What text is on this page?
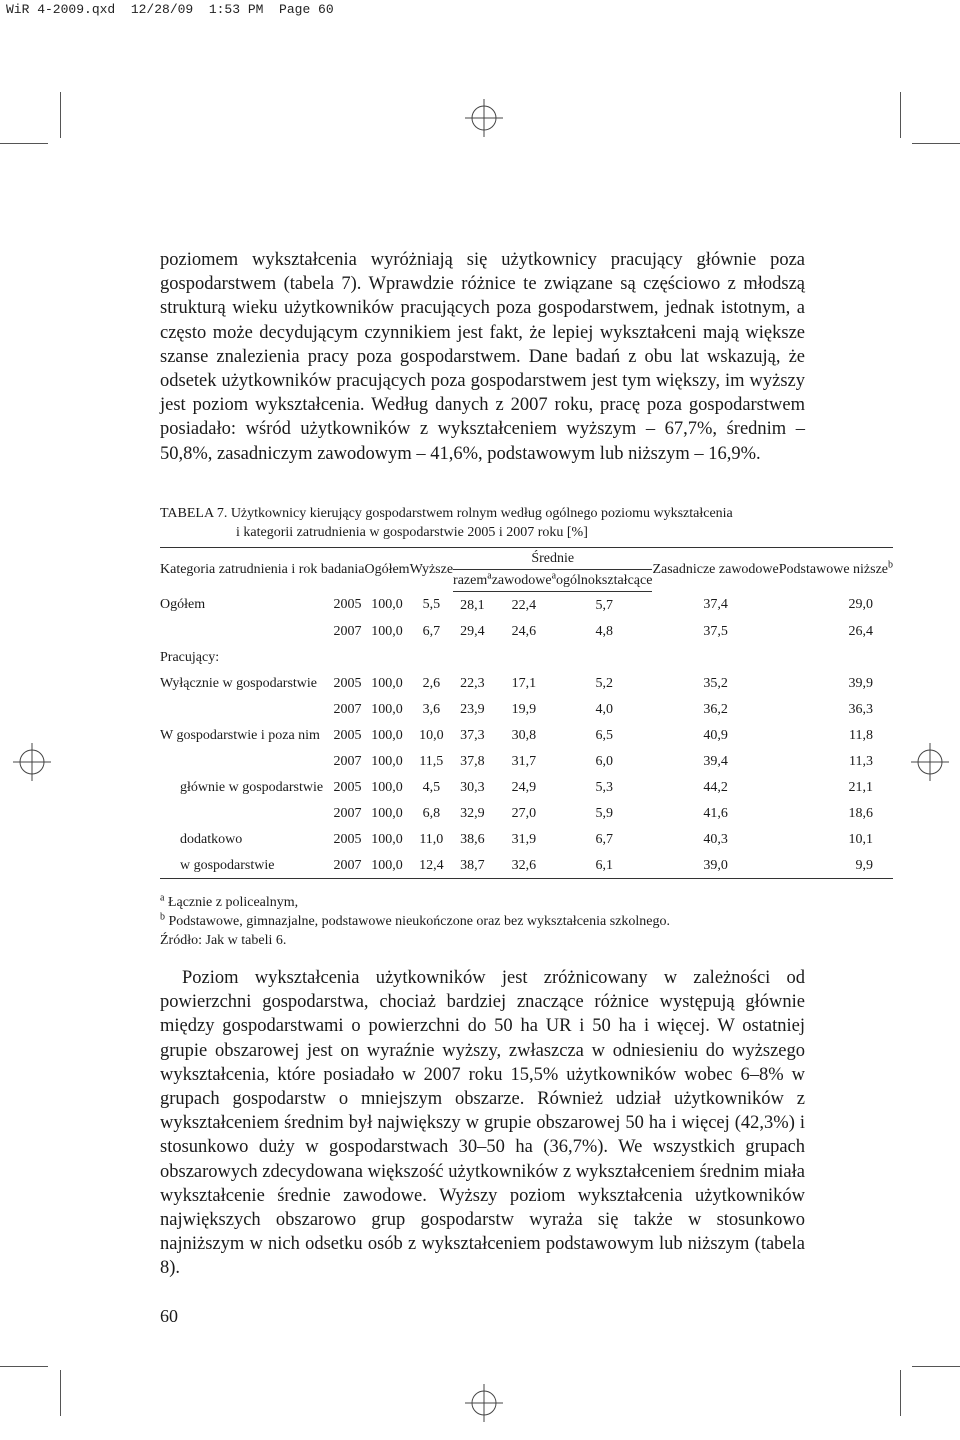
WiR 4-2009.qxd  12/28/09  1:53 PM  Page 60

poziomem wykształcenia wyróżniają się użytkownicy pracujący głównie poza gospodarstwem (tabela 7). Wprawdzie różnice te związane są częściowo z młodszą strukturą wieku użytkowników pracujących poza gospodarstwem, jednak istotnym, a często może decydującym czynnikiem jest fakt, że lepiej wykształceni mają większe szanse znalezienia pracy poza gospodarstwem. Dane badań z obu lat wskazują, że odsetek użytkowników pracujących poza gospodarstwem jest tym większy, im wyższy jest poziom wykształcenia. Według danych z 2007 roku, pracę poza gospodarstwem posiadało: wśród użytkowników z wykształceniem wyższym – 67,7%, średnim – 50,8%, zasadniczym zawodowym – 41,6%, podstawowym lub niższym – 16,9%.

TABELA 7. Użytkownicy kierujący gospodarstwem rolnym według ogólnego poziomu wykształcenia
i kategorii zatrudnienia w gospodarstwie 2005 i 2007 roku [%]
Kategoria zatrudnienia i rok badania		Ogółem	Wyższe	Średnie			Zasadnicze zawodowe	Podstawowe niższe$^b$
				razem$^a$	zawodowe$^a$	ogólnokształcące		
Ogółem	2005	100,0	5,5	28,1	22,4	5,7	37,4	29,0
	2007	100,0	6,7	29,4	24,6	4,8	37,5	26,4
Pracujący:								
Wyłącznie w gospodarstwie	2005	100,0	2,6	22,3	17,1	5,2	35,2	39,9
	2007	100,0	3,6	23,9	19,9	4,0	36,2	36,3
W gospodarstwie i poza nim	2005	100,0	10,0	37,3	30,8	6,5	40,9	11,8
	2007	100,0	11,5	37,8	31,7	6,0	39,4	11,3
głównie w gospodarstwie	2005	100,0	4,5	30,3	24,9	5,3	44,2	21,1
	2007	100,0	6,8	32,9	27,0	5,9	41,6	18,6
dodatkowo	2005	100,0	11,0	38,6	31,9	6,7	40,3	10,1
w gospodarstwie	2007	100,0	12,4	38,7	32,6	6,1	39,0	9,9
$^a$ Łącznie z policealnym,
$^b$ Podstawowe, gimnazjalne, podstawowe nieukończone oraz bez wykształcenia szkolnego.
Źródło: Jak w tabeli 6.

Poziom wykształcenia użytkowników jest zróżnicowany w zależności od powierzchni gospodarstwa, chociaż bardziej znaczące różnice występują głównie między gospodarstwami o powierzchni do 50 ha UR i 50 ha i więcej. W ostatniej grupie obszarowej jest on wyraźnie wyższy, zwłaszcza w odniesieniu do wyższego wykształcenia, które posiadało w 2007 roku 15,5% użytkowników wobec 6–8% w grupach gospodarstw o mniejszym obszarze. Również udział użytkowników z wykształceniem średnim był największy w grupie obszarowej 50 ha i więcej (42,3%) i stosunkowo duży w gospodarstwach 30–50 ha (36,7%). We wszystkich grupach obszarowych zdecydowana większość użytkowników z wykształceniem średnim miała wykształcenie średnie zawodowe. Wyższy poziom wykształcenia użytkowników największych obszarowo grup gospodarstw wyraża się także w stosunkowo najniższym w nich odsetku osób z wykształceniem podstawowym lub niższym (tabela 8).

60
